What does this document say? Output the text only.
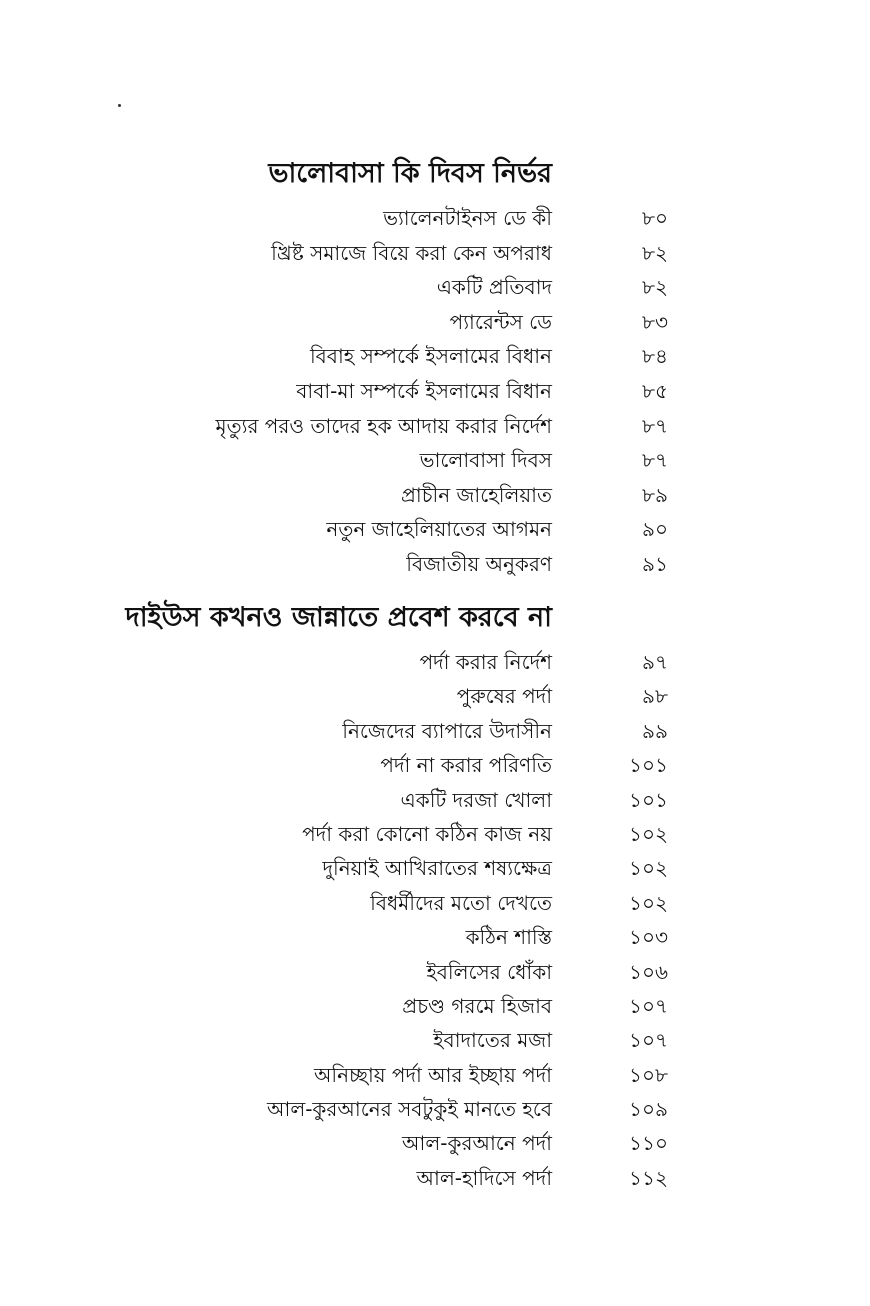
ভালোবাসা কি দিবস নির্ভর
ভ্যালেনটাইনস ডে কী	৮০
খ্রিষ্ট সমাজে বিয়ে করা কেন অপরাধ	৮২
একটি প্রতিবাদ	৮২
প্যারেন্টস ডে	৮৩
বিবাহ সম্পর্কে ইসলামের বিধান	৮৪
বাবা-মা সম্পর্কে ইসলামের বিধান	৮৫
মৃত্যুর পরও তাদের হক আদায় করার নির্দেশ	৮৭
ভালোবাসা দিবস	৮৭
প্রাচীন জাহেলিয়াত	৮৯
নতুন জাহেলিয়াতের আগমন	৯০
বিজাতীয় অনুকরণ	৯১
দাইউস কখনও জান্নাতে প্রবেশ করবে না
পর্দা করার নির্দেশ	৯৭
পুরুষের পর্দা	৯৮
নিজেদের ব্যাপারে উদাসীন	৯৯
পর্দা না করার পরিণতি	১০১
একটি দরজা খোলা	১০১
পর্দা করা কোনো কঠিন কাজ নয়	১০২
দুনিয়াই আখিরাতের শষ্যক্ষেত্র	১০২
বিধর্মীদের মতো দেখতে	১০২
কঠিন শাস্তি	১০৩
ইবলিসের ধোঁকা	১০৬
প্রচণ্ড গরমে হিজাব	১০৭
ইবাদাতের মজা	১০৭
অনিচ্ছায় পর্দা আর ইচ্ছায় পর্দা	১০৮
আল-কুরআনের সবটুকুই মানতে হবে	১০৯
আল-কুরআনে পর্দা	১১০
আল-হাদিসে পর্দা	১১২
